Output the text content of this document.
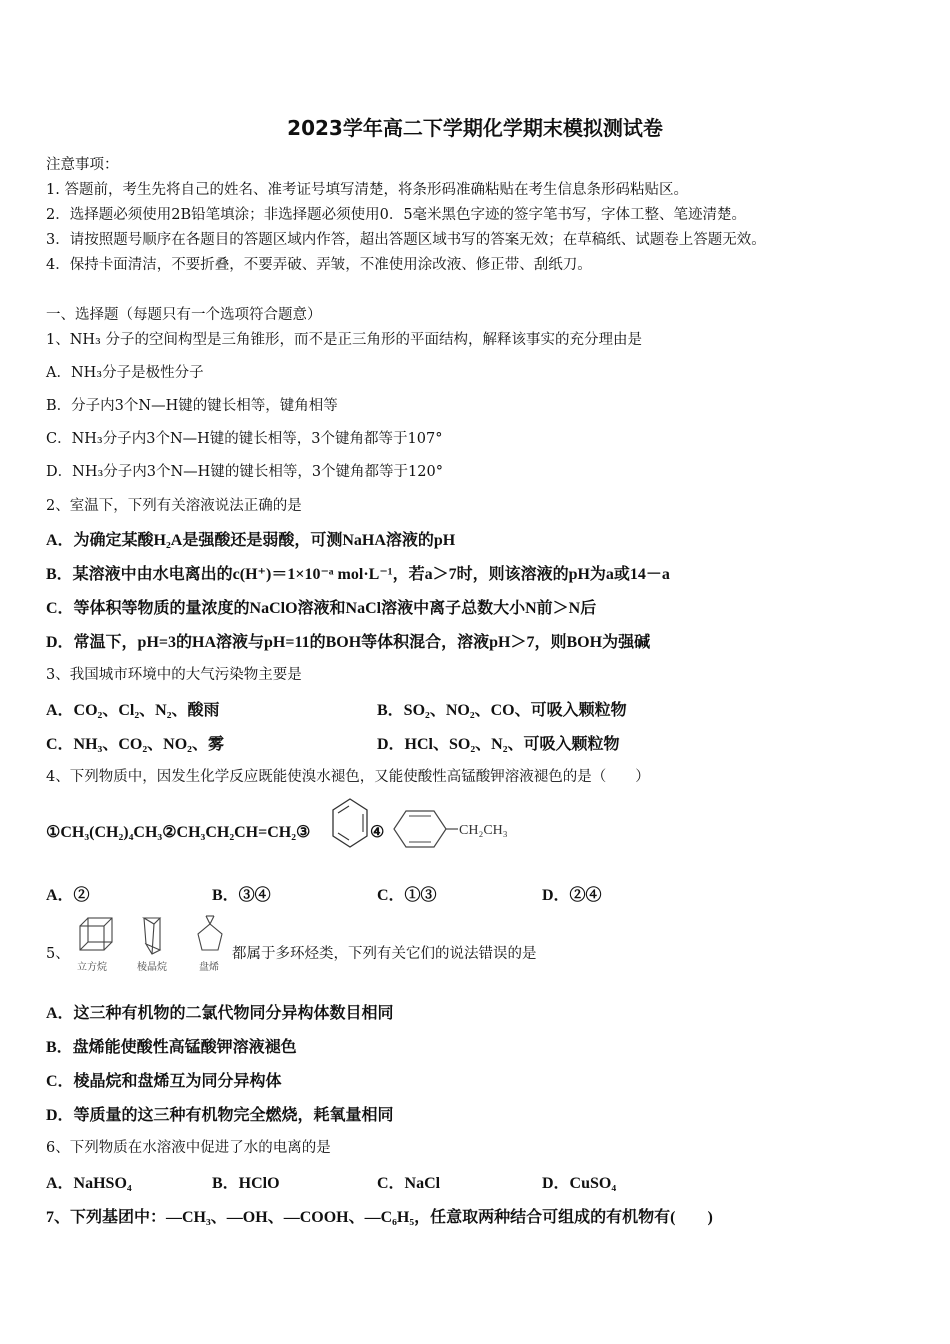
2023学年高二下学期化学期末模拟测试卷
注意事项：
1. 答题前，考生先将自己的姓名、准考证号填写清楚，将条形码准确粘贴在考生信息条形码粘贴区。
2．选择题必须使用2B铅笔填涂；非选择题必须使用0．5毫米黑色字迹的签字笔书写，字体工整、笔迹清楚。
3．请按照题号顺序在各题目的答题区域内作答，超出答题区域书写的答案无效；在草稿纸、试题卷上答题无效。
4．保持卡面清洁，不要折叠，不要弄破、弄皱，不准使用涂改液、修正带、刮纸刀。
一、选择题（每题只有一个选项符合题意）
1、NH₃ 分子的空间构型是三角锥形，而不是正三角形的平面结构，解释该事实的充分理由是
A．NH₃分子是极性分子
B．分子内3个N—H键的键长相等，键角相等
C．NH₃分子内3个N—H键的键长相等，3个键角都等于107°
D．NH₃分子内3个N—H键的键长相等，3个键角都等于120°
2、室温下，下列有关溶液说法正确的是
A．为确定某酸H₂A是强酸还是弱酸，可测NaHA溶液的pH
B．某溶液中由水电离出的c(H⁺)＝1×10⁻ᵃ mol·L⁻¹，若a＞7时，则该溶液的pH为a或14－a
C．等体积等物质的量浓度的NaClO溶液和NaCl溶液中离子总数大小N前＞N后
D．常温下，pH=3的HA溶液与pH=11的BOH等体积混合，溶液pH＞7，则BOH为强碱
3、我国城市环境中的大气污染物主要是
A．CO₂、Cl₂、N₂、酸雨	B．SO₂、NO₂、CO、可吸入颗粒物
C．NH₃、CO₂、NO₂、雾	D．HCl、SO₂、N₂、可吸入颗粒物
4、下列物质中，因发生化学反应既能使溴水褪色，又能使酸性高锰酸钾溶液褪色的是（　　）
①CH₃(CH₂)₄CH₃②CH₃CH₂CH=CH₂③	④	CH₂CH₃
A．②	B．③④	C．①③	D．②④
5、
立方烷	棱晶烷	盘烯
都属于多环烃类，下列有关它们的说法错误的是
A．这三种有机物的二氯代物同分异构体数目相同
B．盘烯能使酸性高锰酸钾溶液褪色
C．棱晶烷和盘烯互为同分异构体
D．等质量的这三种有机物完全燃烧，耗氧量相同
6、下列物质在水溶液中促进了水的电离的是
A．NaHSO₄	B．HClO	C．NaCl	D．CuSO₄
7、下列基团中：—CH₃、—OH、—COOH、—C₆H₅，任意取两种结合可组成的有机物有(　　)
